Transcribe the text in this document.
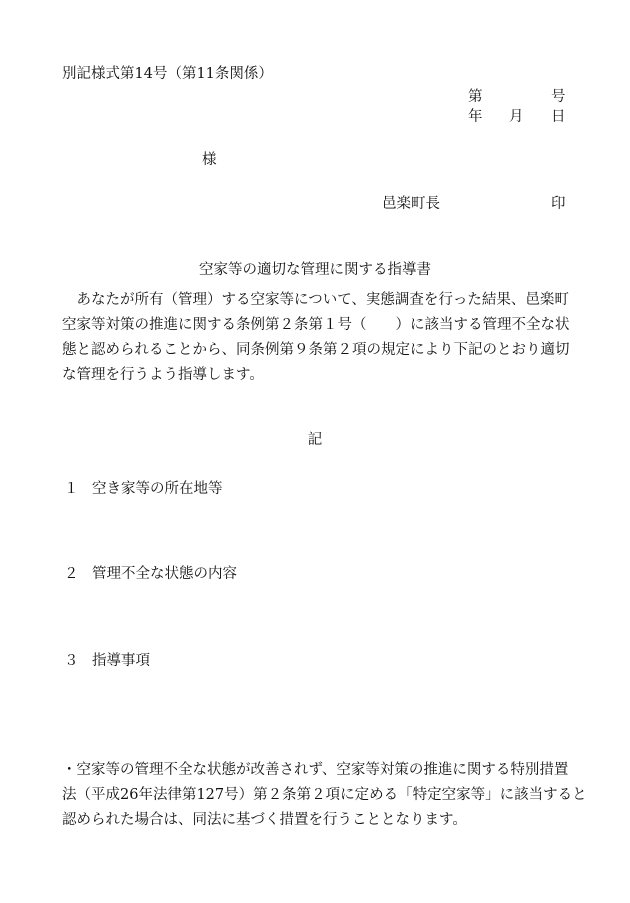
別記様式第14号（第11条関係）
第	号
年 月 日
様
邑楽町長	印
空家等の適切な管理に関する指導書
　あなたが所有（管理）する空家等について、実態調査を行った結果、邑楽町
空家等対策の推進に関する条例第２条第１号（　　）に該当する管理不全な状
態と認められることから、同条例第９条第２項の規定により下記のとおり適切
な管理を行うよう指導します。
記
１ 空き家等の所在地等
２ 管理不全な状態の内容
３ 指導事項
・空家等の管理不全な状態が改善されず、空家等対策の推進に関する特別措置
法（平成26年法律第127号）第２条第２項に定める「特定空家等」に該当すると
認められた場合は、同法に基づく措置を行うこととなります。
